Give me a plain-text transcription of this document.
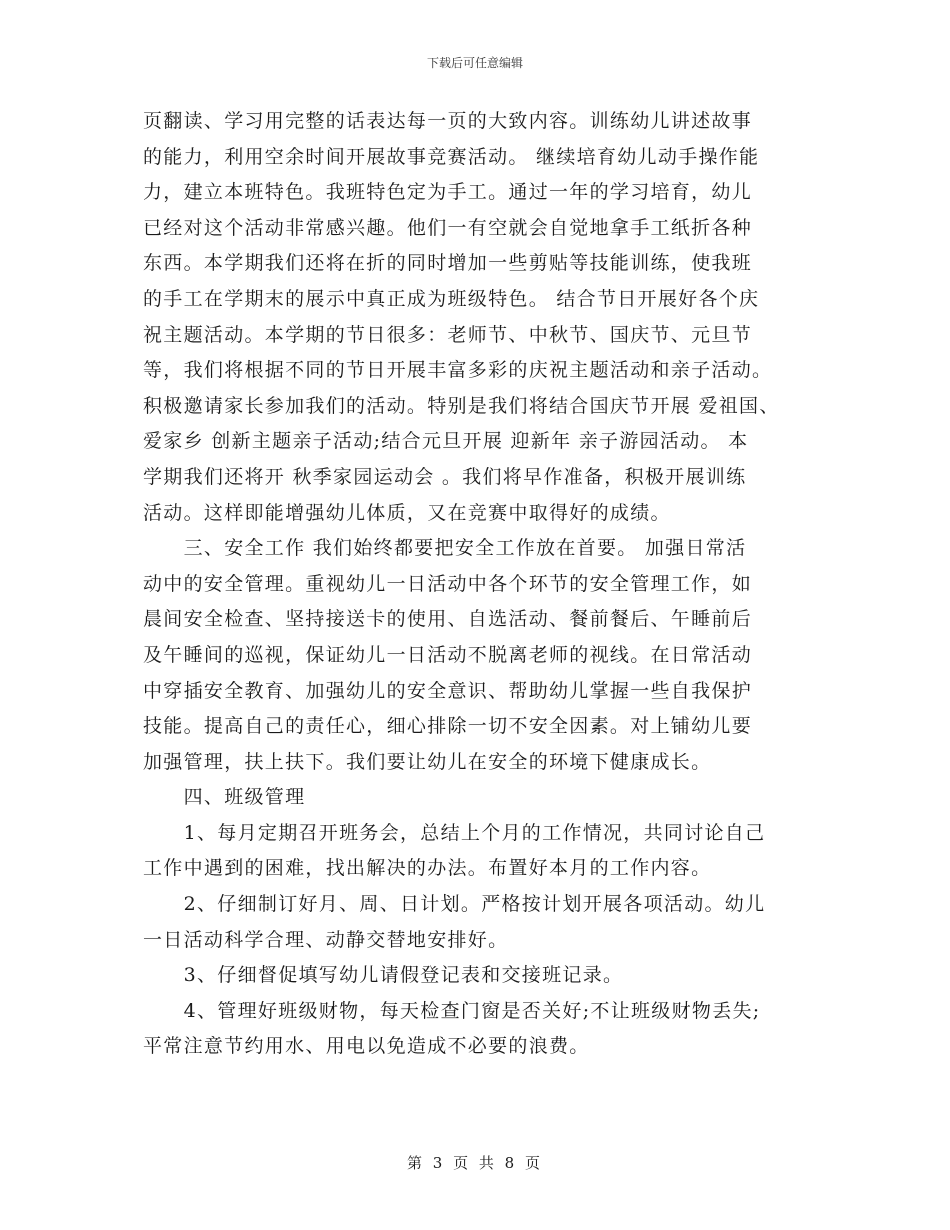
下载后可任意编辑
页翻读、学习用完整的话表达每一页的大致内容。训练幼儿讲述故事
的能力，利用空余时间开展故事竞赛活动。 继续培育幼儿动手操作能
力，建立本班特色。我班特色定为手工。通过一年的学习培育，幼儿
已经对这个活动非常感兴趣。他们一有空就会自觉地拿手工纸折各种
东西。本学期我们还将在折的同时增加一些剪贴等技能训练，使我班
的手工在学期末的展示中真正成为班级特色。 结合节日开展好各个庆
祝主题活动。本学期的节日很多：老师节、中秋节、国庆节、元旦节
等，我们将根据不同的节日开展丰富多彩的庆祝主题活动和亲子活动。
积极邀请家长参加我们的活动。特别是我们将结合国庆节开展 爱祖国、
爱家乡 创新主题亲子活动;结合元旦开展 迎新年 亲子游园活动。 本
学期我们还将开 秋季家园运动会 。我们将早作准备，积极开展训练
活动。这样即能增强幼儿体质，又在竞赛中取得好的成绩。
　　三、安全工作 我们始终都要把安全工作放在首要。 加强日常活
动中的安全管理。重视幼儿一日活动中各个环节的安全管理工作，如
晨间安全检查、坚持接送卡的使用、自选活动、餐前餐后、午睡前后
及午睡间的巡视，保证幼儿一日活动不脱离老师的视线。在日常活动
中穿插安全教育、加强幼儿的安全意识、帮助幼儿掌握一些自我保护
技能。提高自己的责任心，细心排除一切不安全因素。对上铺幼儿要
加强管理，扶上扶下。我们要让幼儿在安全的环境下健康成长。
　　四、班级管理
　　1、每月定期召开班务会，总结上个月的工作情况，共同讨论自己
工作中遇到的困难，找出解决的办法。布置好本月的工作内容。
　　2、仔细制订好月、周、日计划。严格按计划开展各项活动。幼儿
一日活动科学合理、动静交替地安排好。
　　3、仔细督促填写幼儿请假登记表和交接班记录。
　　4、管理好班级财物，每天检查门窗是否关好;不让班级财物丢失;
平常注意节约用水、用电以免造成不必要的浪费。
第 3 页 共 8 页
